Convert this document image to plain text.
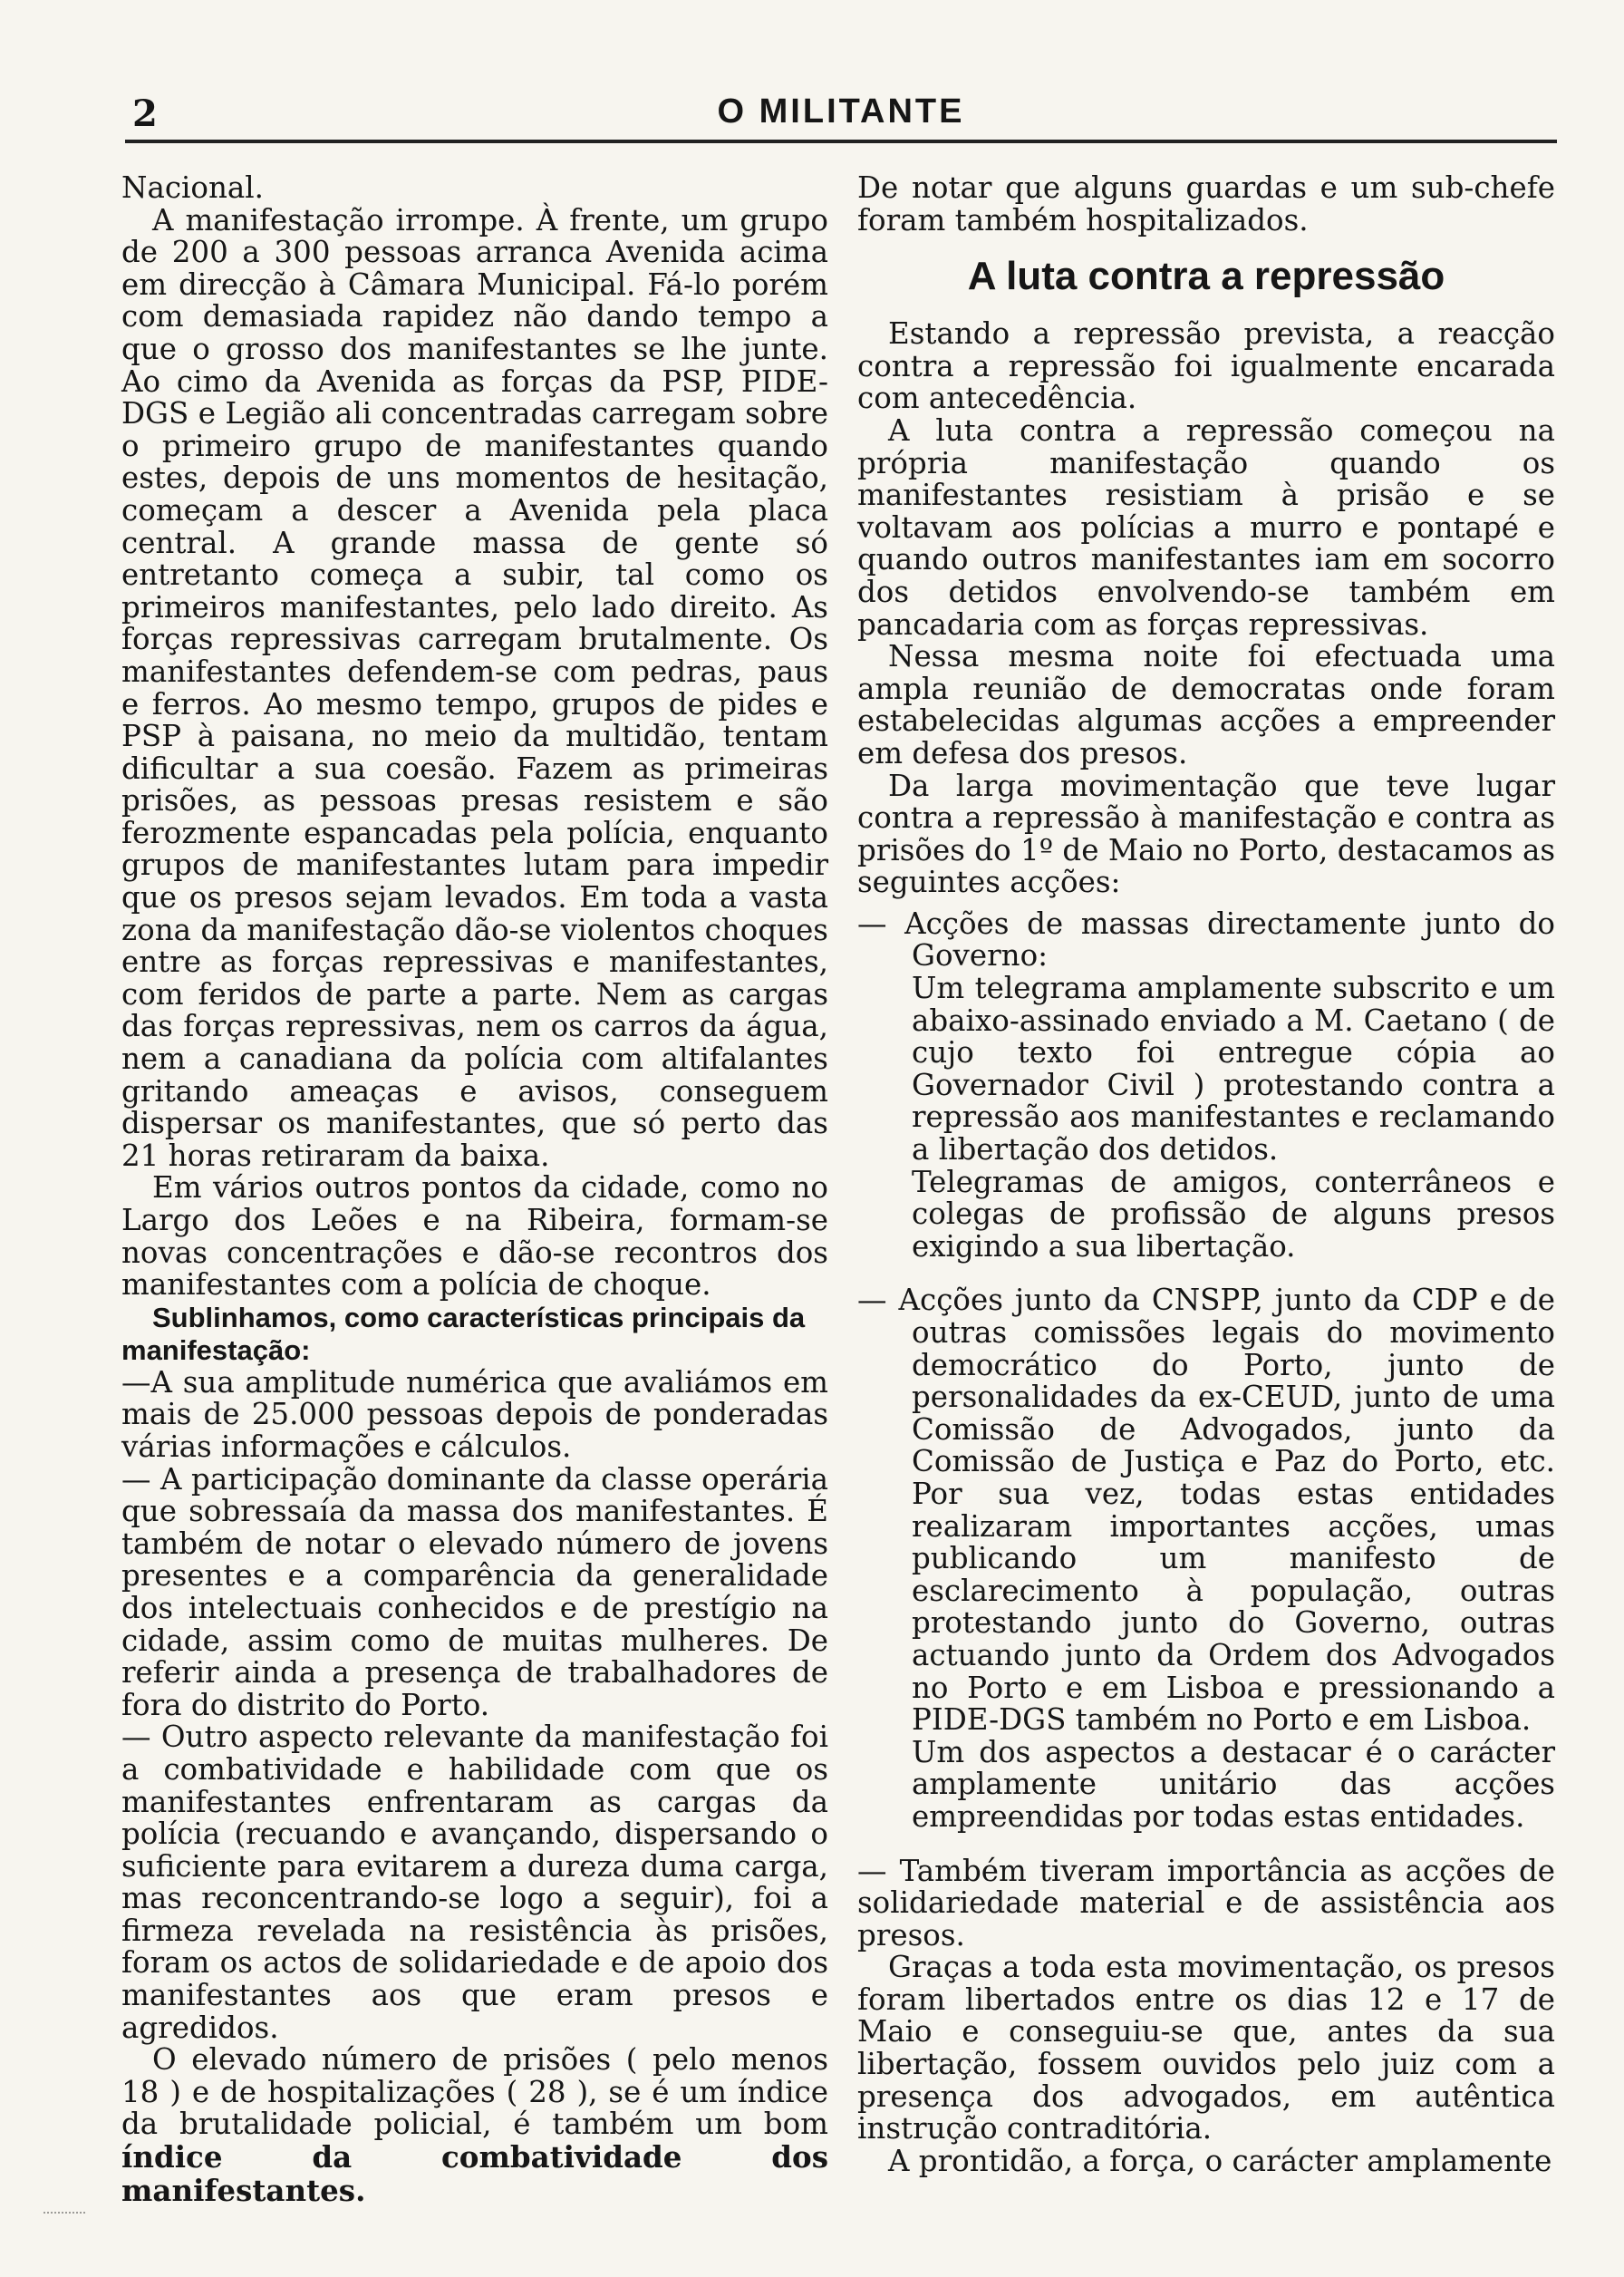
2	O MILITANTE

Nacional.

A manifestação irrompe. À frente, um grupo de 200 a 300 pessoas arranca Avenida acima em direcção à Câmara Municipal. Fá-lo porém com demasiada rapidez não dando tempo a que o grosso dos manifestantes se lhe junte. Ao cimo da Avenida as forças da PSP, PIDE-DGS e Legião ali concentradas carregam sobre o primeiro grupo de manifestantes quando estes, depois de uns momentos de hesitação, começam a descer a Avenida pela placa central. A grande massa de gente só entretanto começa a subir, tal como os primeiros manifestantes, pelo lado direito. As forças repressivas carregam brutalmente. Os manifestantes defendem-se com pedras, paus e ferros. Ao mesmo tempo, grupos de pides e PSP à paisana, no meio da multidão, tentam dificultar a sua coesão. Fazem as primeiras prisões, as pessoas presas resistem e são ferozmente espancadas pela polícia, enquanto grupos de manifestantes lutam para impedir que os presos sejam levados. Em toda a vasta zona da manifestação dão-se violentos choques entre as forças repressivas e manifestantes, com feridos de parte a parte. Nem as cargas das forças repressivas, nem os carros da água, nem a canadiana da polícia com altifalantes gritando ameaças e avisos, conseguem dispersar os manifestantes, que só perto das 21 horas retiraram da baixa.

Em vários outros pontos da cidade, como no Largo dos Leões e na Ribeira, formam-se novas concentrações e dão-se recontros dos manifestantes com a polícia de choque.

Sublinhamos, como características principais da manifestação:

—A sua amplitude numérica que avaliámos em mais de 25.000 pessoas depois de ponderadas várias informações e cálculos.

— A participação dominante da classe operária que sobressaía da massa dos manifestantes. É também de notar o elevado número de jovens presentes e a comparência da generalidade dos intelectuais conhecidos e de prestígio na cidade, assim como de muitas mulheres. De referir ainda a presença de trabalhadores de fora do distrito do Porto.

— Outro aspecto relevante da manifestação foi a combatividade e habilidade com que os manifestantes enfrentaram as cargas da polícia (recuando e avançando, dispersando o suficiente para evitarem a dureza duma carga, mas reconcentrando-se logo a seguir), foi a firmeza revelada na resistência às prisões, foram os actos de solidariedade e de apoio dos manifestantes aos que eram presos e agredidos.

O elevado número de prisões ( pelo menos 18 ) e de hospitalizações ( 28 ), se é um índice da brutalidade policial, é também um bom índice da combatividade dos manifestantes.

De notar que alguns guardas e um sub-chefe foram também hospitalizados.

A luta contra a repressão

Estando a repressão prevista, a reacção contra a repressão foi igualmente encarada com antecedência.

A luta contra a repressão começou na própria manifestação quando os manifestantes resistiam à prisão e se voltavam aos polícias a murro e pontapé e quando outros manifestantes iam em socorro dos detidos envolvendo-se também em pancadaria com as forças repressivas.

Nessa mesma noite foi efectuada uma ampla reunião de democratas onde foram estabelecidas algumas acções a empreender em defesa dos presos.

Da larga movimentação que teve lugar contra a repressão à manifestação e contra as prisões do 1º de Maio no Porto, destacamos as seguintes acções:

— Acções de massas directamente junto do Governo:

Um telegrama amplamente subscrito e um abaixo-assinado enviado a M. Caetano ( de cujo texto foi entregue cópia ao Governador Civil ) protestando contra a repressão aos manifestantes e reclamando a libertação dos detidos.

Telegramas de amigos, conterrâneos e colegas de profissão de alguns presos exigindo a sua libertação.

— Acções junto da CNSPP, junto da CDP e de outras comissões legais do movimento democrático do Porto, junto de personalidades da ex-CEUD, junto de uma Comissão de Advogados, junto da Comissão de Justiça e Paz do Porto, etc. Por sua vez, todas estas entidades realizaram importantes acções, umas publicando um manifesto de esclarecimento à população, outras protestando junto do Governo, outras actuando junto da Ordem dos Advogados no Porto e em Lisboa e pressionando a PIDE-DGS também no Porto e em Lisboa.

Um dos aspectos a destacar é o carácter amplamente unitário das acções empreendidas por todas estas entidades.

— Também tiveram importância as acções de solidariedade material e de assistência aos presos.

Graças a toda esta movimentação, os presos foram libertados entre os dias 12 e 17 de Maio e conseguiu-se que, antes da sua libertação, fossem ouvidos pelo juiz com a presença dos advogados, em autêntica instrução contraditória.

A prontidão, a força, o carácter amplamente
